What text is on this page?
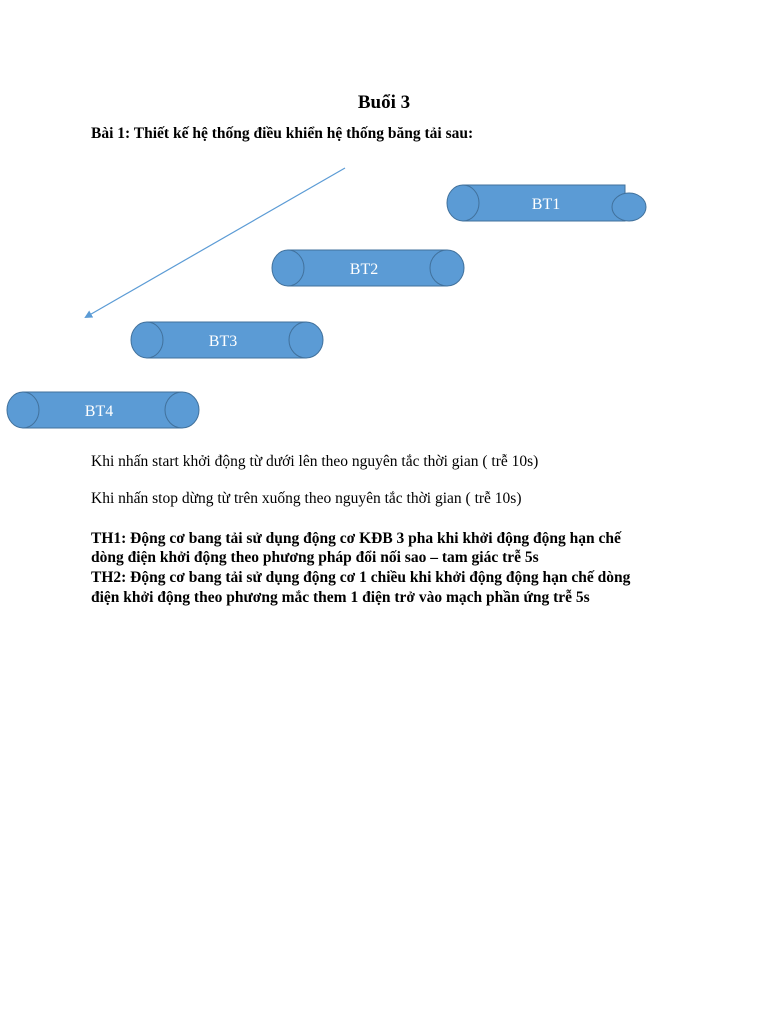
Buổi 3
Bài 1: Thiết kế hệ thống điều khiển hệ thống băng tải sau:
BT1
BT2
BT3
BT4
Khi nhấn start khởi động từ dưới lên theo nguyên tắc thời gian ( trễ 10s)
Khi nhấn stop dừng từ trên xuống theo nguyên tắc thời gian ( trễ 10s)
TH1: Động cơ bang tải sử dụng động cơ KĐB 3 pha khi khởi động động hạn chế
dòng điện khởi động theo phương pháp đổi nối sao – tam giác trễ 5s
TH2: Động cơ bang tải sử dụng động cơ 1 chiều khi khởi động động hạn chế dòng
điện khởi động theo phương mắc them 1 điện trở vào mạch phần ứng trễ 5s
